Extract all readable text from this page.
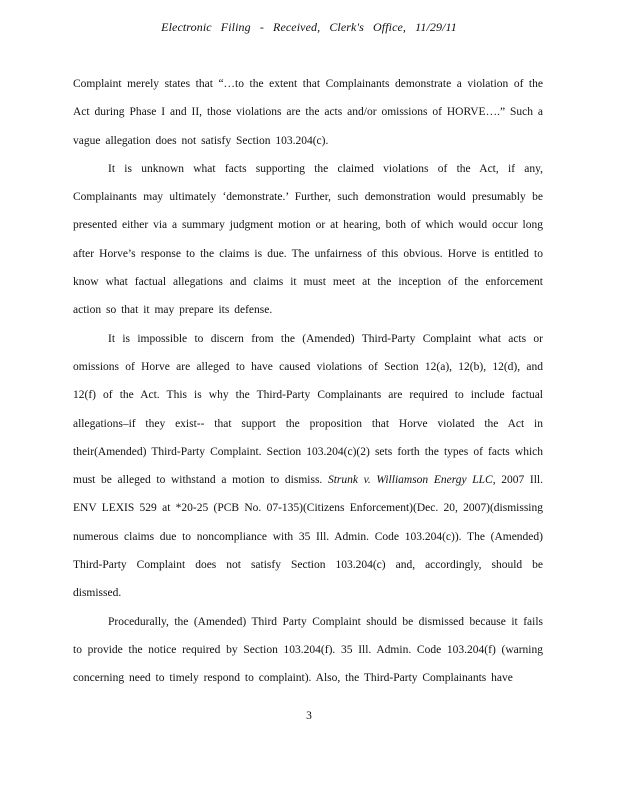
Electronic Filing - Received, Clerk's Office, 11/29/11

Complaint merely states that “…to the extent that Complainants demonstrate a violation of the Act during Phase I and II, those violations are the acts and/or omissions of HORVE….” Such a vague allegation does not satisfy Section 103.204(c).

It is unknown what facts supporting the claimed violations of the Act, if any, Complainants may ultimately ‘demonstrate.’ Further, such demonstration would presumably be presented either via a summary judgment motion or at hearing, both of which would occur long after Horve’s response to the claims is due. The unfairness of this obvious. Horve is entitled to know what factual allegations and claims it must meet at the inception of the enforcement action so that it may prepare its defense.

It is impossible to discern from the (Amended) Third-Party Complaint what acts or omissions of Horve are alleged to have caused violations of Section 12(a), 12(b), 12(d), and 12(f) of the Act. This is why the Third-Party Complainants are required to include factual allegations–if they exist-- that support the proposition that Horve violated the Act in their(Amended) Third-Party Complaint. Section 103.204(c)(2) sets forth the types of facts which must be alleged to withstand a motion to dismiss. Strunk v. Williamson Energy LLC, 2007 Ill. ENV LEXIS 529 at *20-25 (PCB No. 07-135)(Citizens Enforcement)(Dec. 20, 2007)(dismissing numerous claims due to noncompliance with 35 Ill. Admin. Code 103.204(c)). The (Amended) Third-Party Complaint does not satisfy Section 103.204(c) and, accordingly, should be dismissed.

Procedurally, the (Amended) Third Party Complaint should be dismissed because it fails to provide the notice required by Section 103.204(f). 35 Ill. Admin. Code 103.204(f) (warning concerning need to timely respond to complaint). Also, the Third-Party Complainants have

3
